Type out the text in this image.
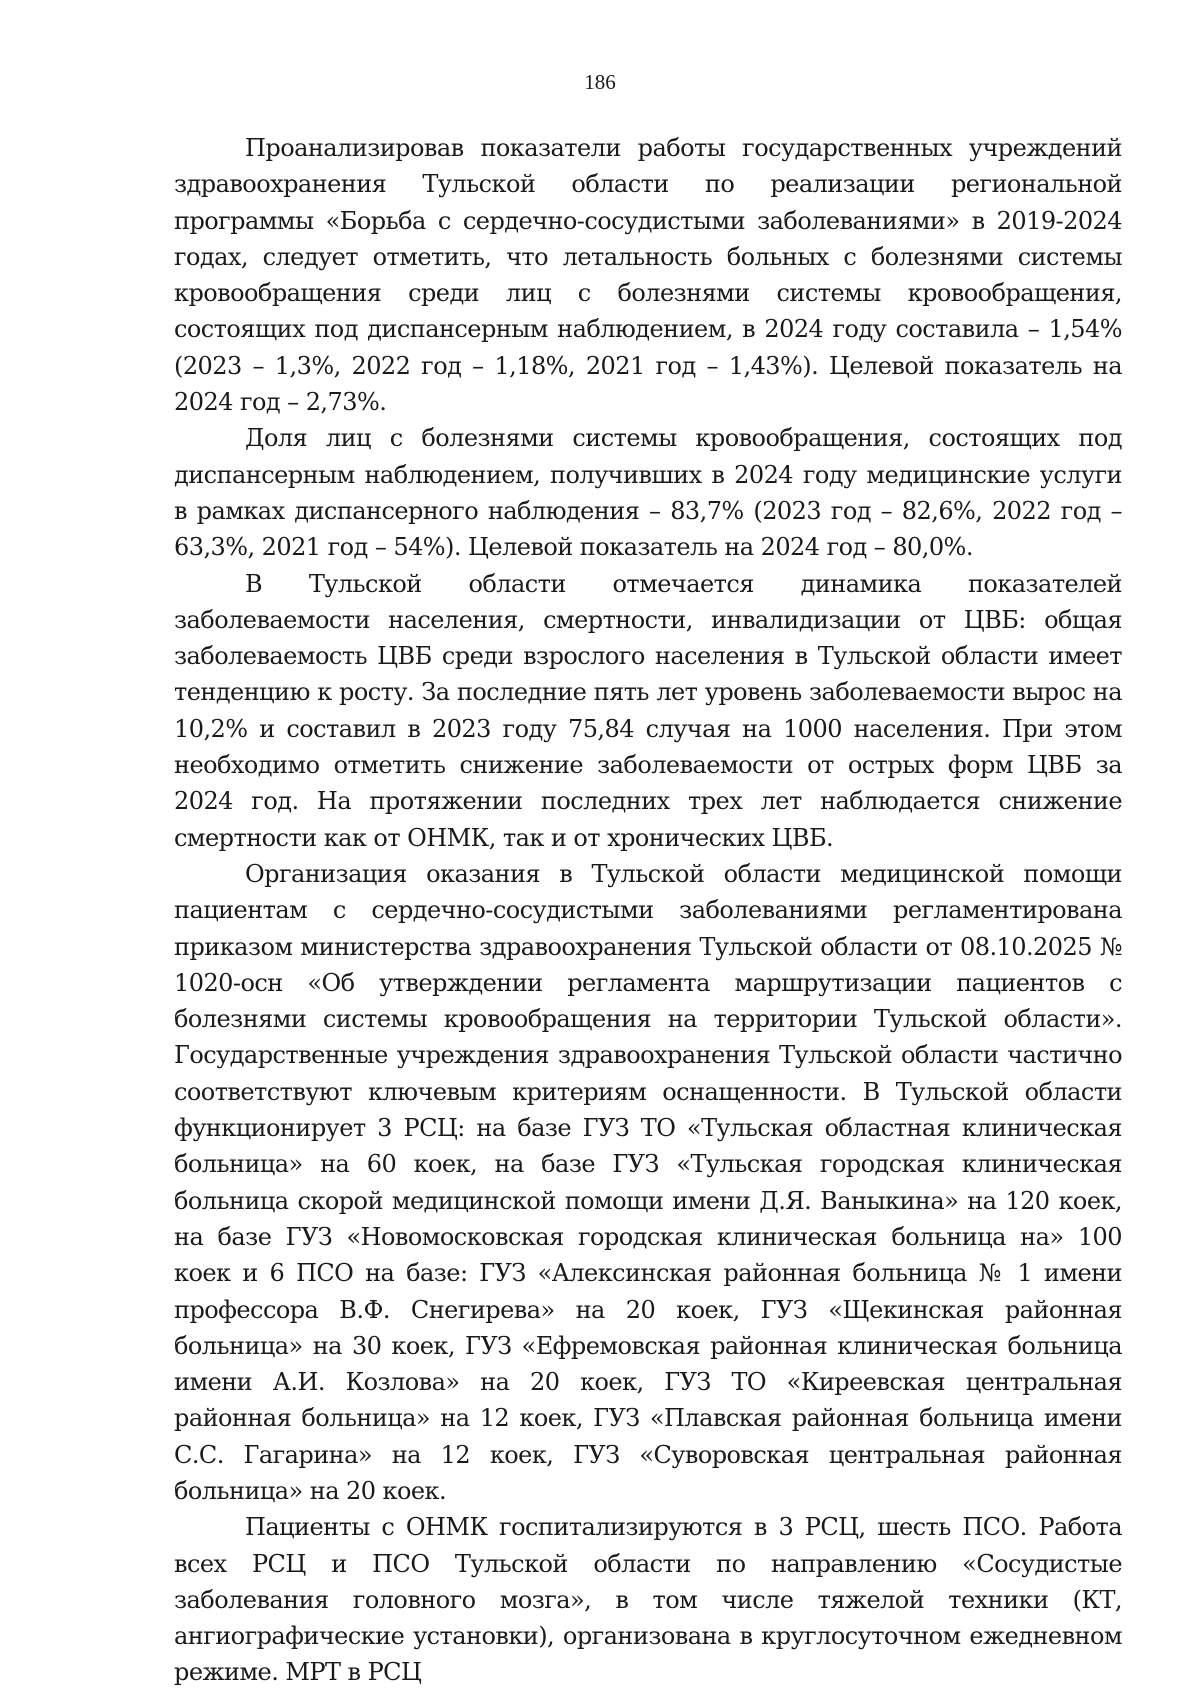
186

Проанализировав показатели работы государственных учреждений здравоохранения Тульской области по реализации региональной программы «Борьба с сердечно-сосудистыми заболеваниями» в 2019-2024 годах, следует отметить, что летальность больных с болезнями системы кровообращения среди лиц с болезнями системы кровообращения, состоящих под диспансерным наблюдением, в 2024 году составила – 1,54% (2023 – 1,3%, 2022 год – 1,18%, 2021 год – 1,43%). Целевой показатель на 2024 год – 2,73%.

Доля лиц с болезнями системы кровообращения, состоящих под диспансерным наблюдением, получивших в 2024 году медицинские услуги в рамках диспансерного наблюдения – 83,7% (2023 год – 82,6%, 2022 год – 63,3%, 2021 год – 54%). Целевой показатель на 2024 год – 80,0%.

В Тульской области отмечается динамика показателей заболеваемости населения, смертности, инвалидизации от ЦВБ: общая заболеваемость ЦВБ среди взрослого населения в Тульской области имеет тенденцию к росту. За последние пять лет уровень заболеваемости вырос на 10,2% и составил в 2023 году 75,84 случая на 1000 населения. При этом необходимо отметить снижение заболеваемости от острых форм ЦВБ за 2024 год. На протяжении последних трех лет наблюдается снижение смертности как от ОНМК, так и от хронических ЦВБ.

Организация оказания в Тульской области медицинской помощи пациентам с сердечно-сосудистыми заболеваниями регламентирована приказом министерства здравоохранения Тульской области от 08.10.2025 № 1020-осн «Об утверждении регламента маршрутизации пациентов с болезнями системы кровообращения на территории Тульской области». Государственные учреждения здравоохранения Тульской области частично соответствуют ключевым критериям оснащенности. В Тульской области функционирует 3 РСЦ: на базе ГУЗ ТО «Тульская областная клиническая больница» на 60 коек, на базе ГУЗ «Тульская городская клиническая больница скорой медицинской помощи имени Д.Я. Ваныкина» на 120 коек, на базе ГУЗ «Новомосковская городская клиническая больница на» 100 коек и 6 ПСО на базе: ГУЗ «Алексинская районная больница № 1 имени профессора В.Ф. Снегирева» на 20 коек, ГУЗ «Щекинская районная больница» на 30 коек, ГУЗ «Ефремовская районная клиническая больница имени А.И. Козлова» на 20 коек, ГУЗ ТО «Киреевская центральная районная больница» на 12 коек, ГУЗ «Плавская районная больница имени С.С. Гагарина» на 12 коек, ГУЗ «Суворовская центральная районная больница» на 20 коек.

Пациенты с ОНМК госпитализируются в 3 РСЦ, шесть ПСО. Работа всех РСЦ и ПСО Тульской области по направлению «Сосудистые заболевания головного мозга», в том числе тяжелой техники (КТ, ангиографические установки), организована в круглосуточном ежедневном режиме. МРТ в РСЦ
